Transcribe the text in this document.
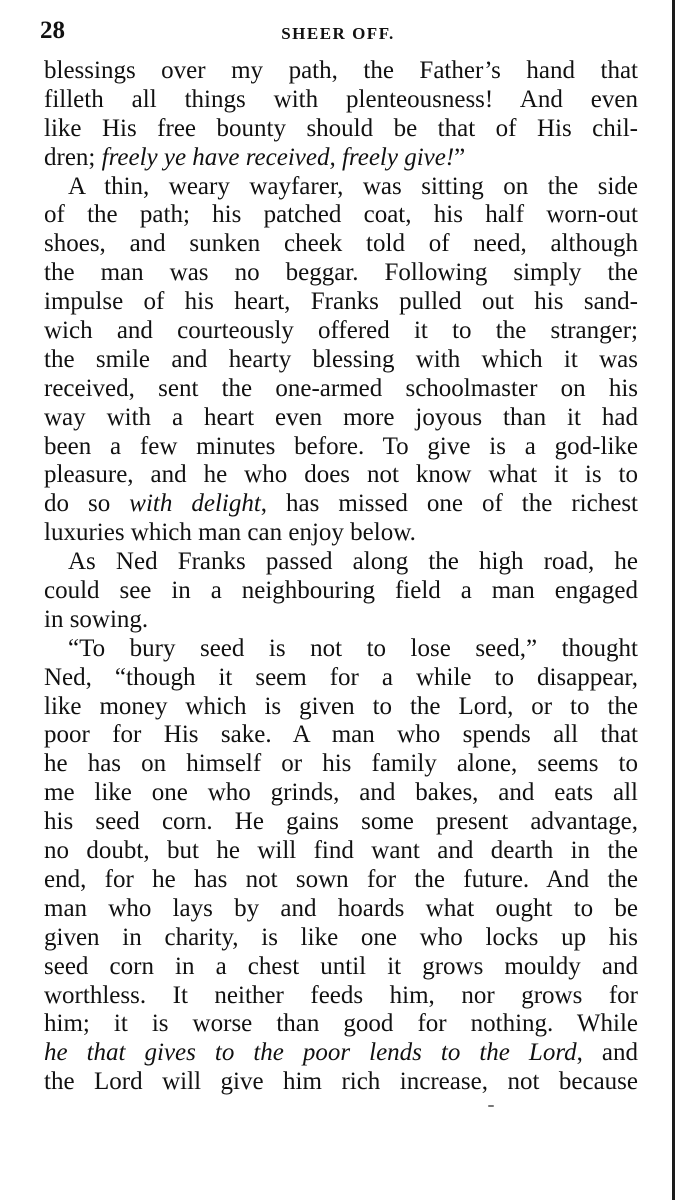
28	SHEER OFF.
blessings over my path, the Father’s hand that
filleth all things with plenteousness! And even
like His free bounty should be that of His chil-
dren; freely ye have received, freely give!”
A thin, weary wayfarer, was sitting on the side
of the path; his patched coat, his half worn-out
shoes, and sunken cheek told of need, although
the man was no beggar. Following simply the
impulse of his heart, Franks pulled out his sand-
wich and courteously offered it to the stranger;
the smile and hearty blessing with which it was
received, sent the one-armed schoolmaster on his
way with a heart even more joyous than it had
been a few minutes before. To give is a god-like
pleasure, and he who does not know what it is to
do so with delight, has missed one of the richest
luxuries which man can enjoy below.
As Ned Franks passed along the high road, he
could see in a neighbouring field a man engaged
in sowing.
“To bury seed is not to lose seed,” thought
Ned, “though it seem for a while to disappear,
like money which is given to the Lord, or to the
poor for His sake. A man who spends all that
he has on himself or his family alone, seems to
me like one who grinds, and bakes, and eats all
his seed corn. He gains some present advantage,
no doubt, but he will find want and dearth in the
end, for he has not sown for the future. And the
man who lays by and hoards what ought to be
given in charity, is like one who locks up his
seed corn in a chest until it grows mouldy and
worthless. It neither feeds him, nor grows for
him; it is worse than good for nothing. While
he that gives to the poor lends to the Lord, and
the Lord will give him rich increase, not because
